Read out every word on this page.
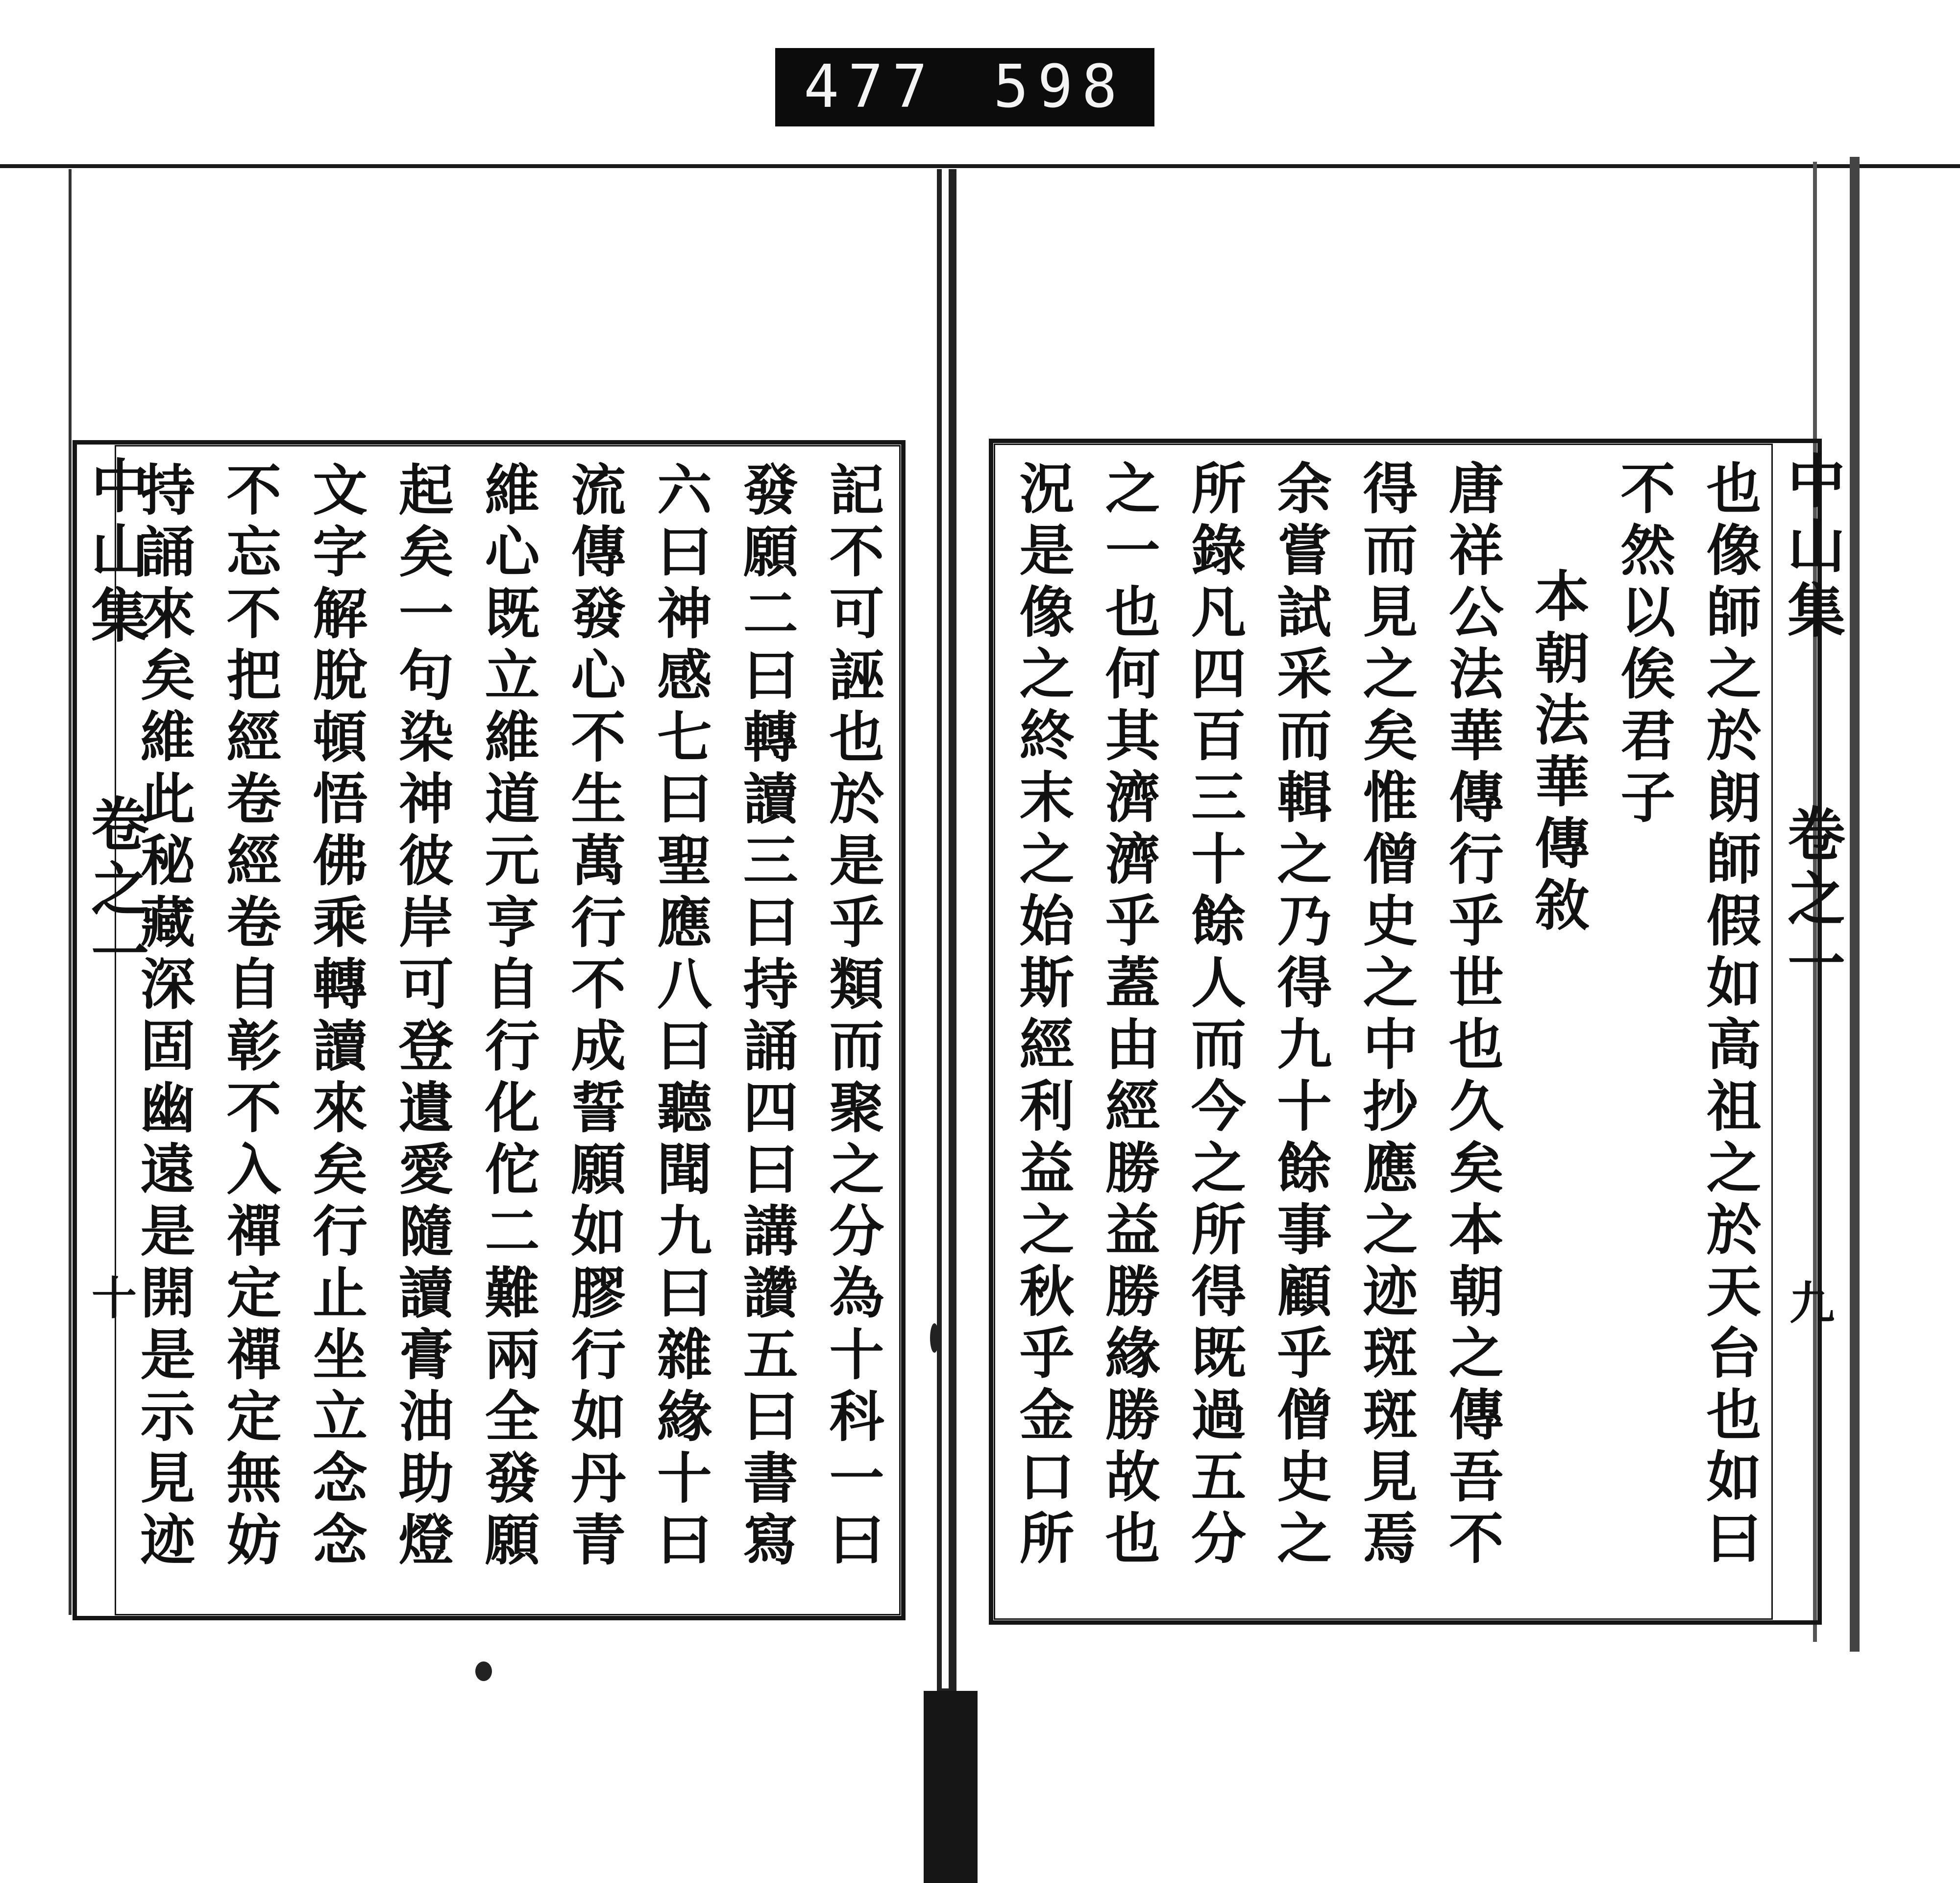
477 598
記不可誣也於是乎類而聚之分為十科一曰
發願二曰轉讀三曰持誦四曰講讚五曰書寫
六曰神感七曰聖應八曰聽聞九曰雜緣十曰
流傳發心不生萬行不成誓願如膠行如丹青
維心既立維道元亨自行化佗二難兩全發願
起矣一句染神彼岸可登遺愛隨讀膏油助燈
文字解脫頓悟佛乘轉讀來矣行止坐立念念
不忘不把經卷經卷自彰不入禪定禪定無妨
持誦來矣維此秘藏深固幽遠是開是示見迹
中山集
卷之一
十	也像師之於朗師假如高祖之於天台也如曰
不然以俟君子
本朝法華傳敘
唐祥公法華傳行乎世也久矣本朝之傳吾不
得而見之矣惟僧史之中抄應之迹斑斑見焉
余嘗試采而輯之乃得九十餘事顧乎僧史之
所錄凡四百三十餘人而今之所得既過五分
之一也何其濟濟乎蓋由經勝益勝緣勝故也
況是像之終末之始斯經利益之秋乎金口所	中山集
卷之一
九
